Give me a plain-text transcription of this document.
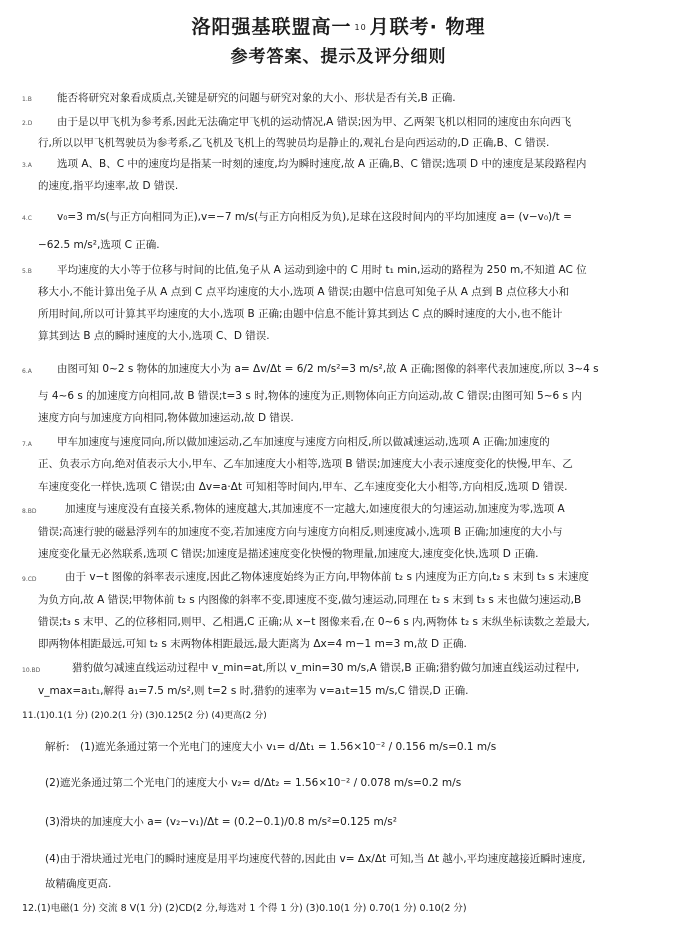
洛阳强基联盟高一 10 月联考· 物理
参考答案、提示及评分细则
1.B 能否将研究对象看成质点,关键是研究的问题与研究对象的大小、形状是否有关,B 正确.
2.D 由于是以甲飞机为参考系,因此无法确定甲飞机的运动情况,A 错误;因为甲、乙两架飞机以相同的速度由东向西飞
行,所以以甲飞机驾驶员为参考系,乙飞机及飞机上的驾驶员均是静止的,观礼台是向西运动的,D 正确,B、C 错误.
3.A 选项 A、B、C 中的速度均是指某一时刻的速度,均为瞬时速度,故 A 正确,B、C 错误;选项 D 中的速度是某段路程内
的速度,指平均速率,故 D 错误.
4.C v₀=3 m/s(与正方向相同为正),v=−7 m/s(与正方向相反为负),足球在这段时间内的平均加速度 a= (v−v₀)/t =
−62.5 m/s²,选项 C 正确.
5.B 平均速度的大小等于位移与时间的比值,兔子从 A 运动到途中的 C 用时 t₁ min,运动的路程为 250 m,不知道 AC 位
移大小,不能计算出兔子从 A 点到 C 点平均速度的大小,选项 A 错误;由题中信息可知兔子从 A 点到 B 点位移大小和
所用时间,所以可计算其平均速度的大小,选项 B 正确;由题中信息不能计算其到达 C 点的瞬时速度的大小,也不能计
算其到达 B 点的瞬时速度的大小,选项 C、D 错误.
6.A 由图可知 0~2 s 物体的加速度大小为 a= Δv/Δt = 6/2 m/s²=3 m/s²,故 A 正确;图像的斜率代表加速度,所以 3~4 s
与 4~6 s 的加速度方向相同,故 B 错误;t=3 s 时,物体的速度为正,则物体向正方向运动,故 C 错误;由图可知 5~6 s 内
速度方向与加速度方向相同,物体做加速运动,故 D 错误.
7.A 甲车加速度与速度同向,所以做加速运动,乙车加速度与速度方向相反,所以做减速运动,选项 A 正确;加速度的
正、负表示方向,绝对值表示大小,甲车、乙车加速度大小相等,选项 B 错误;加速度大小表示速度变化的快慢,甲车、乙
车速度变化一样快,选项 C 错误;由 Δv=a·Δt 可知相等时间内,甲车、乙车速度变化大小相等,方向相反,选项 D 错误.
8.BD	加速度与速度没有直接关系,物体的速度越大,其加速度不一定越大,如速度很大的匀速运动,加速度为零,选项 A
错误;高速行驶的磁悬浮列车的加速度不变,若加速度方向与速度方向相反,则速度减小,选项 B 正确;加速度的大小与
速度变化量无必然联系,选项 C 错误;加速度是描述速度变化快慢的物理量,加速度大,速度变化快,选项 D 正确.
9.CD	由于 v−t 图像的斜率表示速度,因此乙物体速度始终为正方向,甲物体前 t₂ s 内速度为正方向,t₂ s 末到 t₃ s 末速度
为负方向,故 A 错误;甲物体前 t₂ s 内图像的斜率不变,即速度不变,做匀速运动,同理在 t₂ s 末到 t₃ s 末也做匀速运动,B
错误;t₃ s 末甲、乙的位移相同,则甲、乙相遇,C 正确;从 x−t 图像来看,在 0~6 s 内,两物体 t₂ s 末纵坐标读数之差最大,
即两物体相距最远,可知 t₂ s 末两物体相距最远,最大距离为 Δx=4 m−1 m=3 m,故 D 正确.
10.BD	猎豹做匀减速直线运动过程中 v_min=at,所以 v_min=30 m/s,A 错误,B 正确;猎豹做匀加速直线运动过程中,
v_max=a₁t₁,解得 a₁=7.5 m/s²,则 t=2 s 时,猎豹的速率为 v=a₁t=15 m/s,C 错误,D 正确.
11.(1)0.1(1 分) (2)0.2(1 分) (3)0.125(2 分) (4)更高(2 分)
解析: (1)遮光条通过第一个光电门的速度大小 v₁= d/Δt₁ = 1.56×10⁻² / 0.156 m/s=0.1 m/s
(2)遮光条通过第二个光电门的速度大小 v₂= d/Δt₂ = 1.56×10⁻² / 0.078 m/s=0.2 m/s
(3)滑块的加速度大小 a= (v₂−v₁)/Δt = (0.2−0.1)/0.8 m/s²=0.125 m/s²
(4)由于滑块通过光电门的瞬时速度是用平均速度代替的,因此由 v= Δx/Δt 可知,当 Δt 越小,平均速度越接近瞬时速度,
故精确度更高.
12.(1)电磁(1 分) 交流 8 V(1 分) (2)CD(2 分,每选对 1 个得 1 分) (3)0.10(1 分) 0.70(1 分) 0.10(2 分)
